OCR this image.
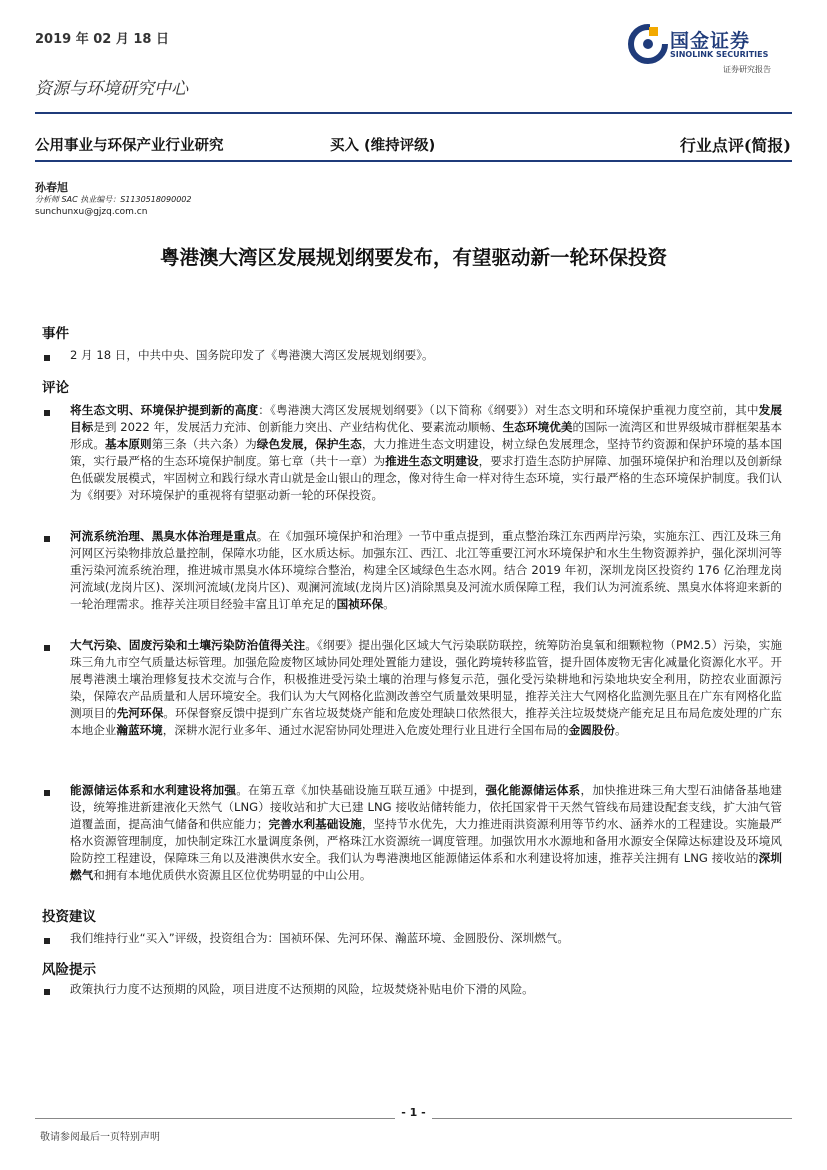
2019 年 02 月 18 日
资源与环境研究中心
国金证券
SINOLINK SECURITIES
证券研究报告
公用事业与环保产业行业研究	买入 (维持评级)	行业点评(简报)
孙春旭
分析师 SAC 执业编号：S1130518090002
sunchunxu@gjzq.com.cn
粤港澳大湾区发展规划纲要发布，有望驱动新一轮环保投资
事件
2 月 18 日，中共中央、国务院印发了《粤港澳大湾区发展规划纲要》。
评论
将生态文明、环境保护提到新的高度：《粤港澳大湾区发展规划纲要》（以下简称《纲要》）对生态文明和环境保护重视力度空前，其中发展目标是到 2022 年，发展活力充沛、创新能力突出、产业结构优化、要素流动顺畅、生态环境优美的国际一流湾区和世界级城市群框架基本形成。基本原则第三条（共六条）为绿色发展，保护生态，大力推进生态文明建设，树立绿色发展理念，坚持节约资源和保护环境的基本国策，实行最严格的生态环境保护制度。第七章（共十一章）为推进生态文明建设，要求打造生态防护屏障、加强环境保护和治理以及创新绿色低碳发展模式，牢固树立和践行绿水青山就是金山银山的理念，像对待生命一样对待生态环境，实行最严格的生态环境保护制度。我们认为《纲要》对环境保护的重视将有望驱动新一轮的环保投资。
河流系统治理、黑臭水体治理是重点。在《加强环境保护和治理》一节中重点提到，重点整治珠江东西两岸污染，实施东江、西江及珠三角河网区污染物排放总量控制，保障水功能，区水质达标。加强东江、西江、北江等重要江河水环境保护和水生生物资源养护，强化深圳河等重污染河流系统治理，推进城市黑臭水体环境综合整治，构建全区域绿色生态水网。结合 2019 年初，深圳龙岗区投资约 176 亿治理龙岗河流域(龙岗片区)、深圳河流域(龙岗片区)、观澜河流域(龙岗片区)消除黑臭及河流水质保障工程，我们认为河流系统、黑臭水体将迎来新的一轮治理需求。推荐关注项目经验丰富且订单充足的国祯环保。
大气污染、固废污染和土壤污染防治值得关注。《纲要》提出强化区域大气污染联防联控，统筹防治臭氧和细颗粒物（PM2.5）污染，实施珠三角九市空气质量达标管理。加强危险废物区域协同处理处置能力建设，强化跨境转移监管，提升固体废物无害化减量化资源化水平。开展粤港澳土壤治理修复技术交流与合作，积极推进受污染土壤的治理与修复示范，强化受污染耕地和污染地块安全利用，防控农业面源污染，保障农产品质量和人居环境安全。我们认为大气网格化监测改善空气质量效果明显，推荐关注大气网格化监测先驱且在广东有网格化监测项目的先河环保。环保督察反馈中提到广东省垃圾焚烧产能和危废处理缺口依然很大，推荐关注垃圾焚烧产能充足且布局危废处理的广东本地企业瀚蓝环境，深耕水泥行业多年、通过水泥窑协同处理进入危废处理行业且进行全国布局的金圆股份。
能源储运体系和水利建设将加强。在第五章《加快基础设施互联互通》中提到，强化能源储运体系，加快推进珠三角大型石油储备基地建设，统筹推进新建液化天然气（LNG）接收站和扩大已建 LNG 接收站储转能力，依托国家骨干天然气管线布局建设配套支线，扩大油气管道覆盖面，提高油气储备和供应能力；完善水利基础设施，坚持节水优先，大力推进雨洪资源利用等节约水、涵养水的工程建设。实施最严格水资源管理制度，加快制定珠江水量调度条例，严格珠江水资源统一调度管理。加强饮用水水源地和备用水源安全保障达标建设及环境风险防控工程建设，保障珠三角以及港澳供水安全。我们认为粤港澳地区能源储运体系和水利建设将加速，推荐关注拥有 LNG 接收站的深圳燃气和拥有本地优质供水资源且区位优势明显的中山公用。
投资建议
我们维持行业“买入”评级，投资组合为：国祯环保、先河环保、瀚蓝环境、金圆股份、深圳燃气。
风险提示
政策执行力度不达预期的风险，项目进度不达预期的风险，垃圾焚烧补贴电价下滑的风险。
- 1 -
敬请参阅最后一页特别声明
